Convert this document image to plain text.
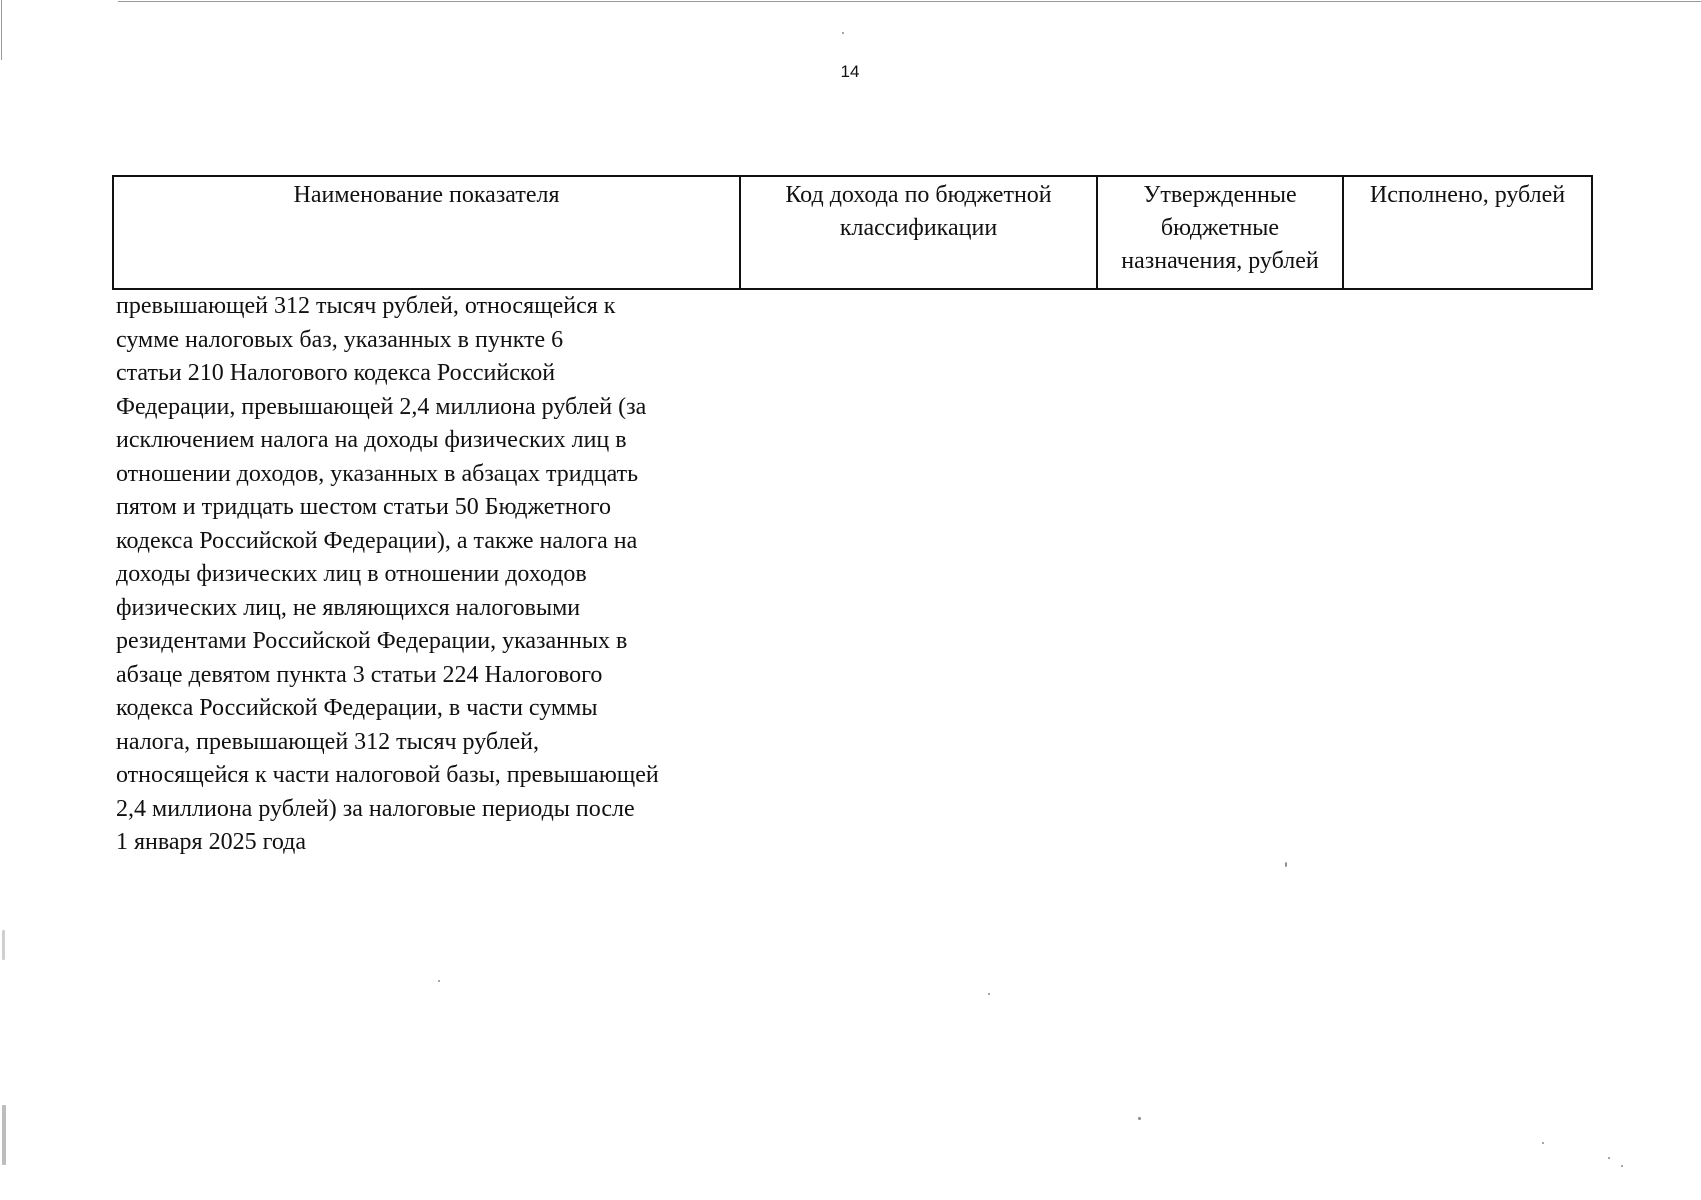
14
Наименование показателя	Код дохода по бюджетной классификации	Утвержденные бюджетные назначения, рублей	Исполнено, рублей
превышающей 312 тысяч рублей, относящейся к
сумме налоговых баз, указанных в пункте 6
статьи 210 Налогового кодекса Российской
Федерации, превышающей 2,4 миллиона рублей (за
исключением налога на доходы физических лиц в
отношении доходов, указанных в абзацах тридцать
пятом и тридцать шестом статьи 50 Бюджетного
кодекса Российской Федерации), а также налога на
доходы физических лиц в отношении доходов
физических лиц, не являющихся налоговыми
резидентами Российской Федерации, указанных в
абзаце девятом пункта 3 статьи 224 Налогового
кодекса Российской Федерации, в части суммы
налога, превышающей 312 тысяч рублей,
относящейся к части налоговой базы, превышающей
2,4 миллиона рублей) за налоговые периоды после
1 января 2025 года
